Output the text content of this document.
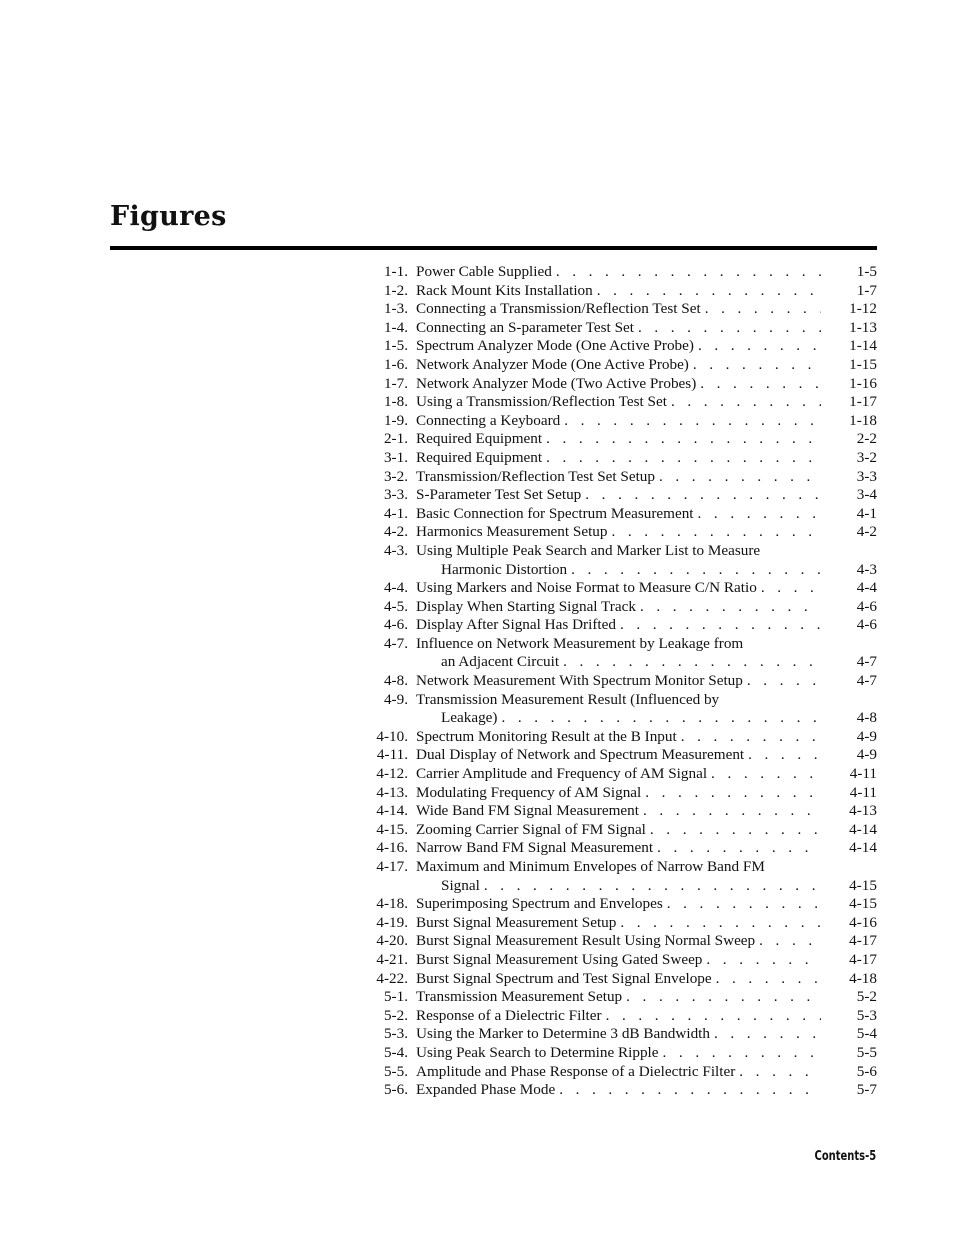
Figures
1-1. Power Cable Supplied . . .	1-5
1-2. Rack Mount Kits Installation . . .	1-7
1-3. Connecting a Transmission/Reflection Test Set . . .	1-12
1-4. Connecting an S-parameter Test Set . . .	1-13
1-5. Spectrum Analyzer Mode (One Active Probe) . . .	1-14
1-6. Network Analyzer Mode (One Active Probe) . . .	1-15
1-7. Network Analyzer Mode (Two Active Probes) . . .	1-16
1-8. Using a Transmission/Reflection Test Set . . .	1-17
1-9. Connecting a Keyboard . . .	1-18
2-1. Required Equipment . . .	2-2
3-1. Required Equipment . . .	3-2
3-2. Transmission/Reflection Test Set Setup . . .	3-3
3-3. S-Parameter Test Set Setup . . .	3-4
4-1. Basic Connection for Spectrum Measurement . . .	4-1
4-2. Harmonics Measurement Setup . . .	4-2
4-3. Using Multiple Peak Search and Marker List to Measure
Harmonic Distortion . . .	4-3
4-4. Using Markers and Noise Format to Measure C/N Ratio . . .	4-4
4-5. Display When Starting Signal Track . . .	4-6
4-6. Display After Signal Has Drifted . . .	4-6
4-7. Influence on Network Measurement by Leakage from
an Adjacent Circuit . . .	4-7
4-8. Network Measurement With Spectrum Monitor Setup . . .	4-7
4-9. Transmission Measurement Result (Influenced by
Leakage) . . .	4-8
4-10. Spectrum Monitoring Result at the B Input . . .	4-9
4-11. Dual Display of Network and Spectrum Measurement . . .	4-9
4-12. Carrier Amplitude and Frequency of AM Signal . . .	4-11
4-13. Modulating Frequency of AM Signal . . .	4-11
4-14. Wide Band FM Signal Measurement . . .	4-13
4-15. Zooming Carrier Signal of FM Signal . . .	4-14
4-16. Narrow Band FM Signal Measurement . . .	4-14
4-17. Maximum and Minimum Envelopes of Narrow Band FM
Signal . . .	4-15
4-18. Superimposing Spectrum and Envelopes . . .	4-15
4-19. Burst Signal Measurement Setup . . .	4-16
4-20. Burst Signal Measurement Result Using Normal Sweep . . .	4-17
4-21. Burst Signal Measurement Using Gated Sweep . . .	4-17
4-22. Burst Signal Spectrum and Test Signal Envelope . . .	4-18
5-1. Transmission Measurement Setup . . .	5-2
5-2. Response of a Dielectric Filter . . .	5-3
5-3. Using the Marker to Determine 3 dB Bandwidth . . .	5-4
5-4. Using Peak Search to Determine Ripple . . .	5-5
5-5. Amplitude and Phase Response of a Dielectric Filter . . .	5-6
5-6. Expanded Phase Mode . . .	5-7

Contents-5
